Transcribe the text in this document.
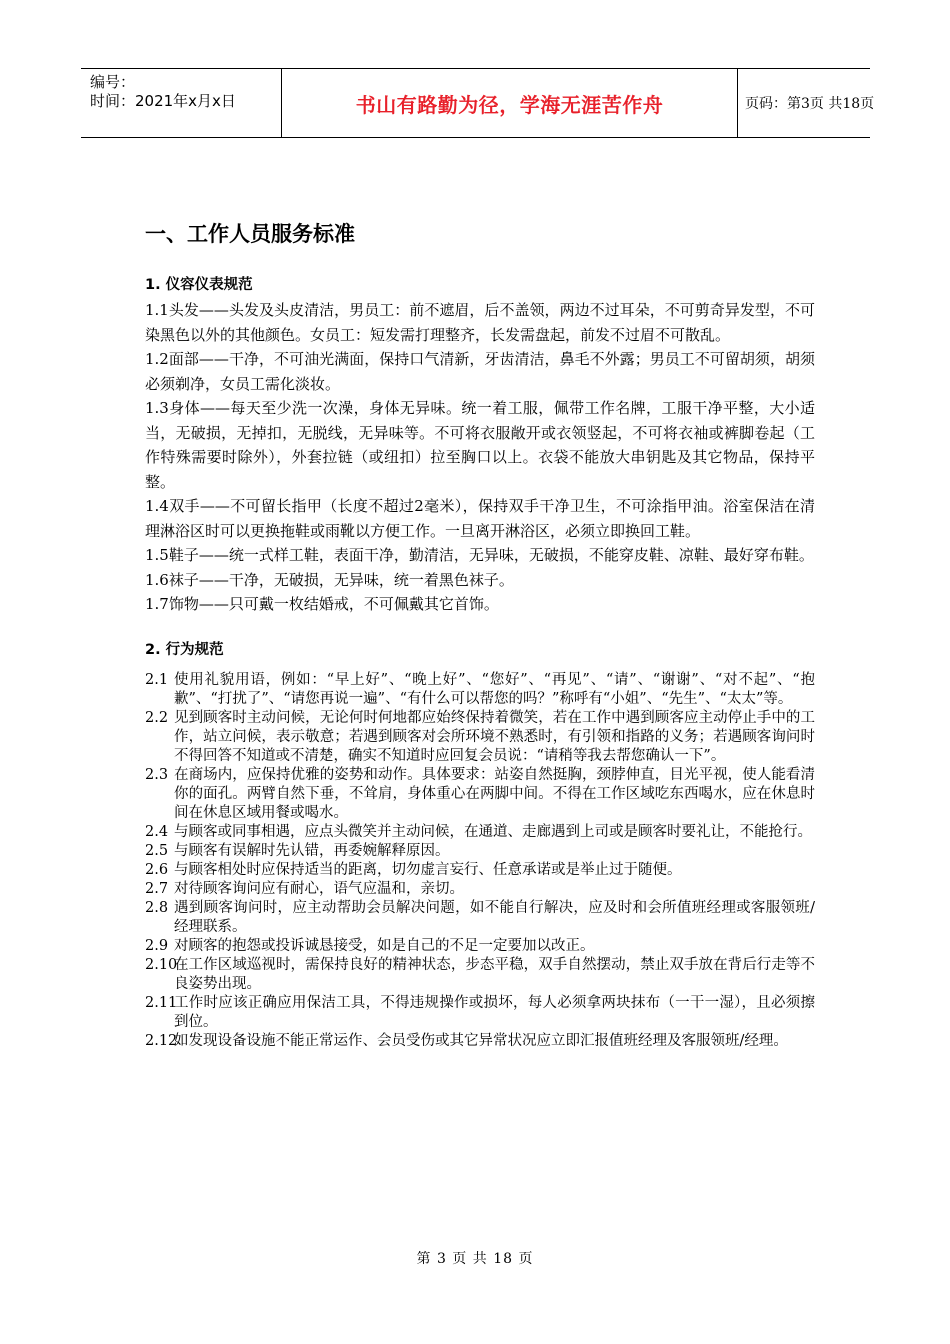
编号：
时间：2021年x月x日	书山有路勤为径，学海无涯苦作舟	页码：第3页 共18页
一、工作人员服务标准
1. 仪容仪表规范

1.1头发——头发及头皮清洁，男员工：前不遮眉，后不盖领，两边不过耳朵，不可剪奇异发型，不可染黑色以外的其他颜色。女员工：短发需打理整齐，长发需盘起，前发不过眉不可散乱。

1.2面部——干净，不可油光满面，保持口气清新，牙齿清洁，鼻毛不外露；男员工不可留胡须，胡须必须剃净，女员工需化淡妆。

1.3身体——每天至少洗一次澡，身体无异味。统一着工服，佩带工作名牌，工服干净平整，大小适当，无破损，无掉扣，无脱线，无异味等。不可将衣服敞开或衣领竖起，不可将衣袖或裤脚卷起（工作特殊需要时除外），外套拉链（或纽扣）拉至胸口以上。衣袋不能放大串钥匙及其它物品，保持平整。

1.4双手——不可留长指甲（长度不超过2毫米），保持双手干净卫生，不可涂指甲油。浴室保洁在清理淋浴区时可以更换拖鞋或雨靴以方便工作。一旦离开淋浴区，必须立即换回工鞋。

1.5鞋子——统一式样工鞋，表面干净，勤清洁，无异味，无破损，不能穿皮鞋、凉鞋、最好穿布鞋。

1.6袜子——干净，无破损，无异味，统一着黑色袜子。

1.7饰物——只可戴一枚结婚戒，不可佩戴其它首饰。

2. 行为规范

2.1 使用礼貌用语，例如：“早上好”、“晚上好”、“您好”、“再见”、“请”、“谢谢”、“对不起”、“抱歉”、“打扰了”、“请您再说一遍”、“有什么可以帮您的吗？”称呼有“小姐”、“先生”、“太太”等。

2.2 见到顾客时主动问候，无论何时何地都应始终保持着微笑，若在工作中遇到顾客应主动停止手中的工作，站立问候，表示敬意；若遇到顾客对会所环境不熟悉时，有引领和指路的义务；若遇顾客询问时不得回答不知道或不清楚，确实不知道时应回复会员说：“请稍等我去帮您确认一下”。

2.3 在商场内，应保持优雅的姿势和动作。具体要求：站姿自然挺胸，颈脖伸直，目光平视，使人能看清你的面孔。两臂自然下垂，不耸肩，身体重心在两脚中间。不得在工作区域吃东西喝水，应在休息时间在休息区域用餐或喝水。

2.4 与顾客或同事相遇，应点头微笑并主动问候，在通道、走廊遇到上司或是顾客时要礼让，不能抢行。

2.5 与顾客有误解时先认错，再委婉解释原因。

2.6 与顾客相处时应保持适当的距离，切勿虚言妄行、任意承诺或是举止过于随便。

2.7 对待顾客询问应有耐心，语气应温和，亲切。

2.8 遇到顾客询问时，应主动帮助会员解决问题，如不能自行解决，应及时和会所值班经理或客服领班/经理联系。

2.9 对顾客的抱怨或投诉诚恳接受，如是自己的不足一定要加以改正。

2.10
在工作区域巡视时，需保持良好的精神状态，步态平稳，双手自然摆动，禁止双手放在背后行走等不良姿势出现。

2.11
工作时应该正确应用保洁工具，不得违规操作或损坏，每人必须拿两块抹布（一干一湿），且必须擦到位。

2.12
如发现设备设施不能正常运作、会员受伤或其它异常状况应立即汇报值班经理及客服领班/经理。

第 3 页 共 18 页
